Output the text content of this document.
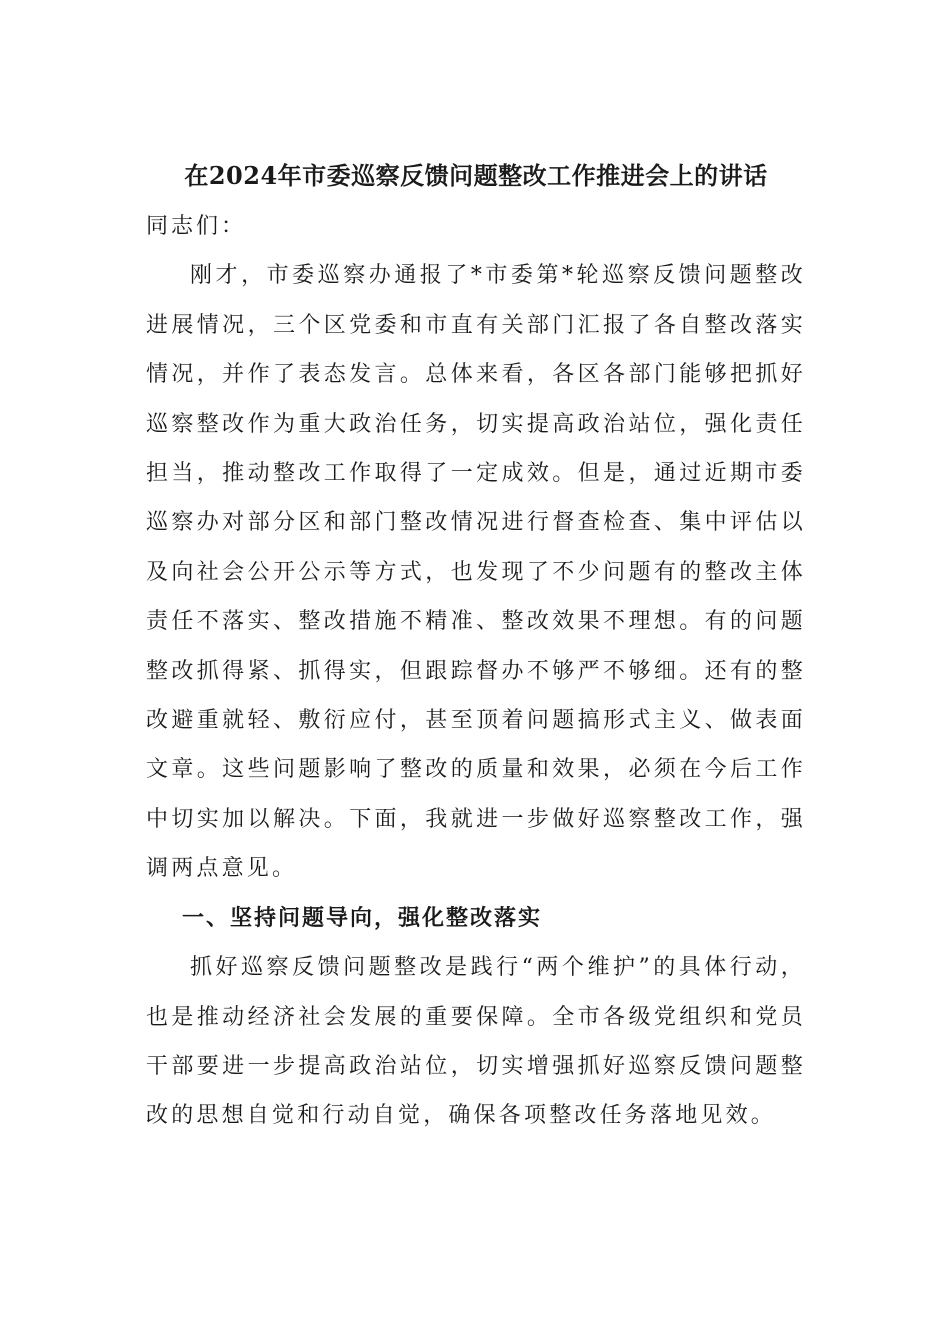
在2024年市委巡察反馈问题整改工作推进会上的讲话

同志们：

刚才，市委巡察办通报了*市委第*轮巡察反馈问题整改进展情况，三个区党委和市直有关部门汇报了各自整改落实情况，并作了表态发言。总体来看，各区各部门能够把抓好巡察整改作为重大政治任务，切实提高政治站位，强化责任担当，推动整改工作取得了一定成效。但是，通过近期市委巡察办对部分区和部门整改情况进行督查检查、集中评估以及向社会公开公示等方式，也发现了不少问题有的整改主体责任不落实、整改措施不精准、整改效果不理想。有的问题整改抓得紧、抓得实，但跟踪督办不够严不够细。还有的整改避重就轻、敷衍应付，甚至顶着问题搞形式主义、做表面文章。这些问题影响了整改的质量和效果，必须在今后工作中切实加以解决。下面，我就进一步做好巡察整改工作，强调两点意见。

一、坚持问题导向，强化整改落实

抓好巡察反馈问题整改是践行“两个维护”的具体行动，也是推动经济社会发展的重要保障。全市各级党组织和党员干部要进一步提高政治站位，切实增强抓好巡察反馈问题整改的思想自觉和行动自觉，确保各项整改任务落地见效。
